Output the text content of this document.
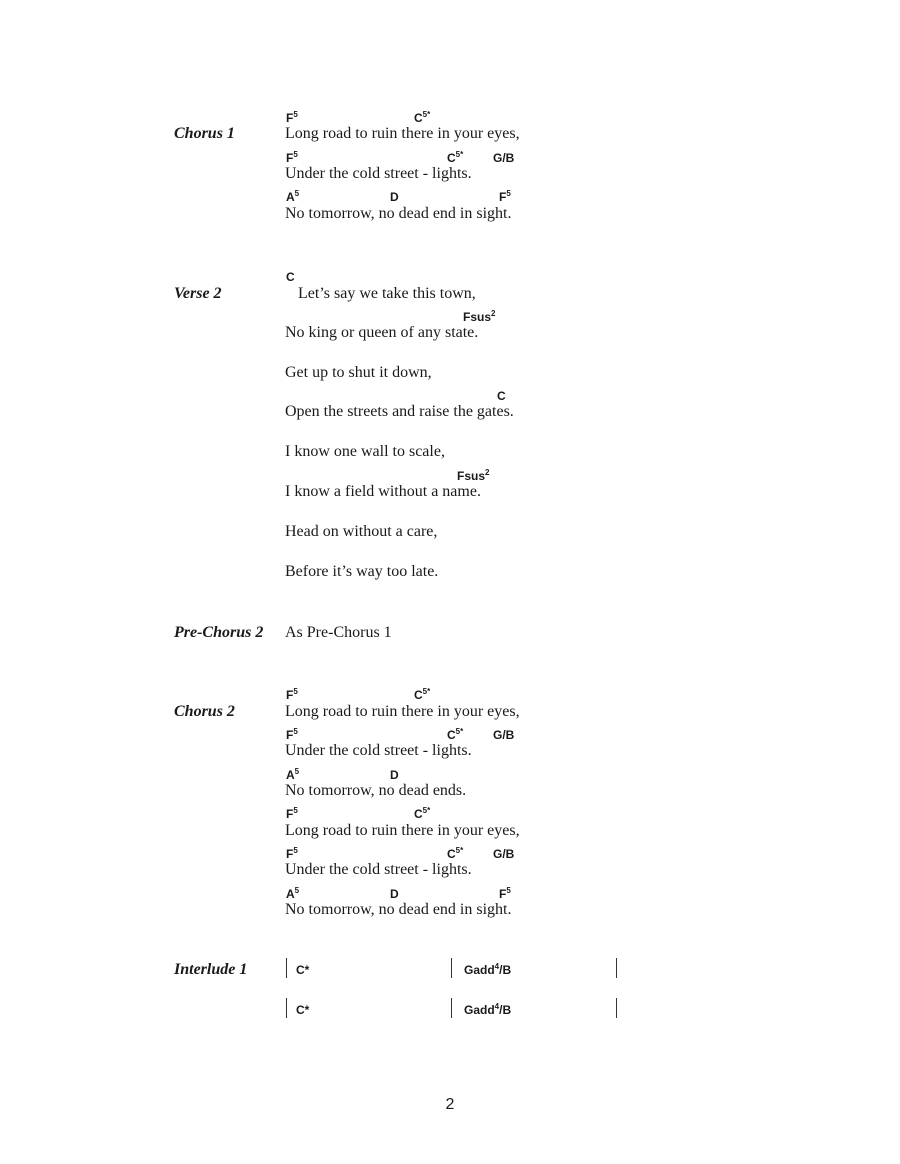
Chorus 1
$F^5$	$C^{5*}$
Long road to ruin there in your eyes,
$F^5$	$C^{5*}$ G/B
Under the cold street - lights.
$A^5$	D	$F^5$
No tomorrow, no dead end in sight.
Verse 2
C
Let’s say we take this town,
Fsus$^2$
No king or queen of any state.
Get up to shut it down,
C
Open the streets and raise the gates.
I know one wall to scale,
Fsus$^2$
I know a field without a name.
Head on without a care,
Before it’s way too late.
Pre-Chorus 2 As Pre-Chorus 1
Chorus 2
$F^5$	$C^{5*}$
Long road to ruin there in your eyes,
$F^5$	$C^{5*}$ G/B
Under the cold street - lights.
$A^5$	D
No tomorrow, no dead ends.
$F^5$	$C^{5*}$
Long road to ruin there in your eyes,
$F^5$	$C^{5*}$ G/B
Under the cold street - lights.
$A^5$	D	$F^5$
No tomorrow, no dead end in sight.
Interlude 1	C*	Gadd$^4$/B
C*	Gadd$^4$/B
2
